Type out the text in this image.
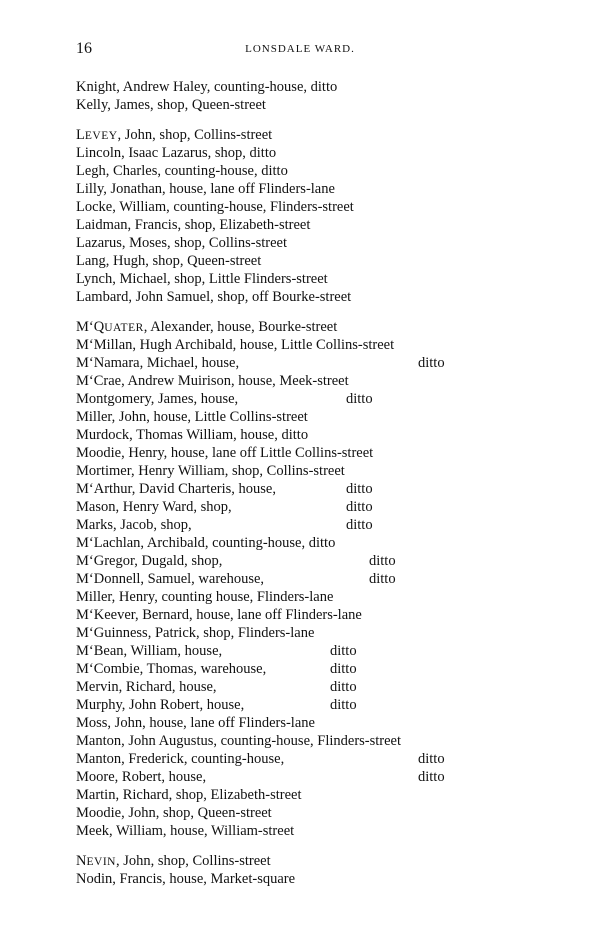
16	LONSDALE WARD.
Knight, Andrew Haley, counting-house, ditto
Kelly, James, shop, Queen-street
LEVEY, John, shop, Collins-street
Lincoln, Isaac Lazarus, shop, ditto
Legh, Charles, counting-house, ditto
Lilly, Jonathan, house, lane off Flinders-lane
Locke, William, counting-house, Flinders-street
Laidman, Francis, shop, Elizabeth-street
Lazarus, Moses, shop, Collins-street
Lang, Hugh, shop, Queen-street
Lynch, Michael, shop, Little Flinders-street
Lambard, John Samuel, shop, off Bourke-street
M‘QUATER, Alexander, house, Bourke-street
M‘Millan, Hugh Archibald, house, Little Collins-street
M‘Namara, Michael, house,	ditto
M‘Crae, Andrew Muirison, house, Meek-street
Montgomery, James, house,	ditto
Miller, John, house, Little Collins-street
Murdock, Thomas William, house, ditto
Moodie, Henry, house, lane off Little Collins-street
Mortimer, Henry William, shop, Collins-street
M‘Arthur, David Charteris, house,	ditto
Mason, Henry Ward, shop,	ditto
Marks, Jacob, shop,	ditto
M‘Lachlan, Archibald, counting-house, ditto
M‘Gregor, Dugald, shop,	ditto
M‘Donnell, Samuel, warehouse,	ditto
Miller, Henry, counting house, Flinders-lane
M‘Keever, Bernard, house, lane off Flinders-lane
M‘Guinness, Patrick, shop, Flinders-lane
M‘Bean, William, house,	ditto
M‘Combie, Thomas, warehouse,	ditto
Mervin, Richard, house,	ditto
Murphy, John Robert, house,	ditto
Moss, John, house, lane off Flinders-lane
Manton, John Augustus, counting-house, Flinders-street
Manton, Frederick, counting-house,	ditto
Moore, Robert, house,	ditto
Martin, Richard, shop, Elizabeth-street
Moodie, John, shop, Queen-street
Meek, William, house, William-street
NEVIN, John, shop, Collins-street
Nodin, Francis, house, Market-square
